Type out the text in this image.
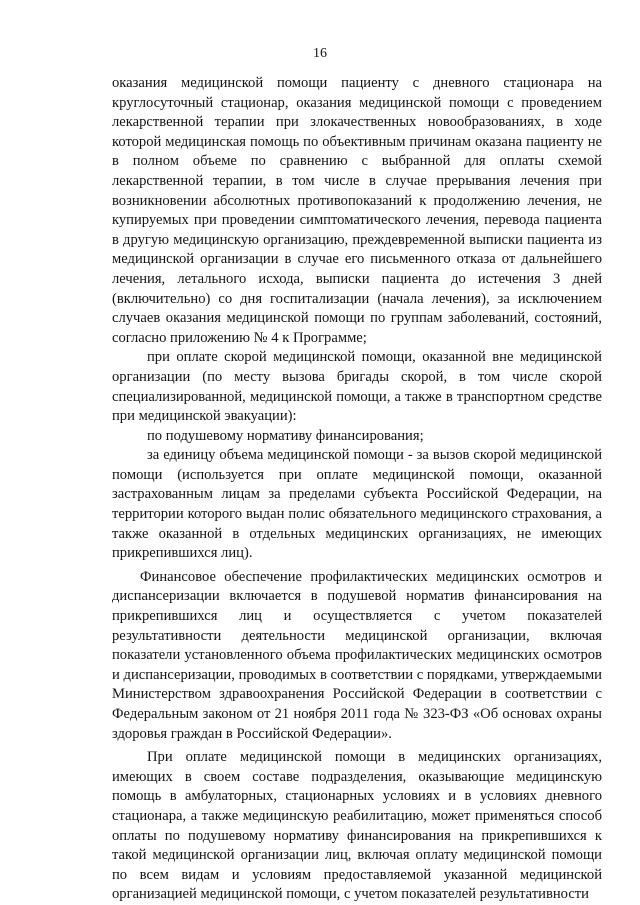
16

оказания медицинской помощи пациенту с дневного стационара на круглосуточный стационар, оказания медицинской помощи с проведением лекарственной терапии при злокачественных новообразованиях, в ходе которой медицинская помощь по объективным причинам оказана пациенту не в полном объеме по сравнению с выбранной для оплаты схемой лекарственной терапии, в том числе в случае прерывания лечения при возникновении абсолютных противопоказаний к продолжению лечения, не купируемых при проведении симптоматического лечения, перевода пациента в другую медицинскую организацию, преждевременной выписки пациента из медицинской организации в случае его письменного отказа от дальнейшего лечения, летального исхода, выписки пациента до истечения 3 дней (включительно) со дня госпитализации (начала лечения), за исключением случаев оказания медицинской помощи по группам заболеваний, состояний, согласно приложению № 4 к Программе;

при оплате скорой медицинской помощи, оказанной вне медицинской организации (по месту вызова бригады скорой, в том числе скорой специализированной, медицинской помощи, а также в транспортном средстве при медицинской эвакуации):

по подушевому нормативу финансирования;

за единицу объема медицинской помощи - за вызов скорой медицинской помощи (используется при оплате медицинской помощи, оказанной застрахованным лицам за пределами субъекта Российской Федерации, на территории которого выдан полис обязательного медицинского страхования, а также оказанной в отдельных медицинских организациях, не имеющих прикрепившихся лиц).

Финансовое обеспечение профилактических медицинских осмотров и диспансеризации включается в подушевой норматив финансирования на прикрепившихся лиц и осуществляется с учетом показателей результативности деятельности медицинской организации, включая показатели установленного объема профилактических медицинских осмотров и диспансеризации, проводимых в соответствии с порядками, утверждаемыми Министерством здравоохранения Российской Федерации в соответствии с Федеральным законом от 21 ноября 2011 года № 323-ФЗ «Об основах охраны здоровья граждан в Российской Федерации».

При оплате медицинской помощи в медицинских организациях, имеющих в своем составе подразделения, оказывающие медицинскую помощь в амбулаторных, стационарных условиях и в условиях дневного стационара, а также медицинскую реабилитацию, может применяться способ оплаты по подушевому нормативу финансирования на прикрепившихся к такой медицинской организации лиц, включая оплату медицинской помощи по всем видам и условиям предоставляемой указанной медицинской организацией медицинской помощи, с учетом показателей результативности
